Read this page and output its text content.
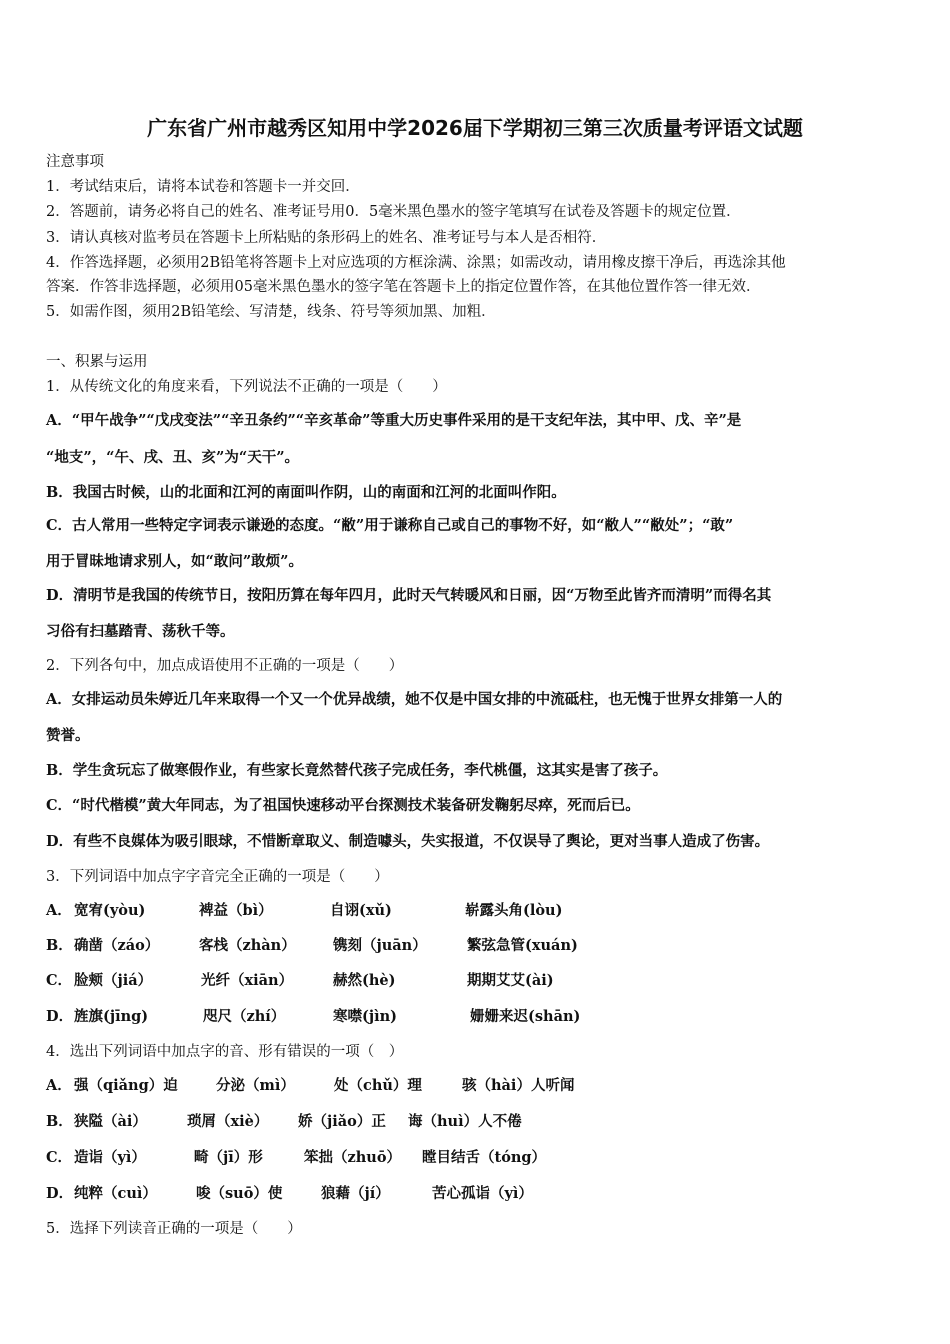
广东省广州市越秀区知用中学2026届下学期初三第三次质量考评语文试题
注意事项
1．考试结束后，请将本试卷和答题卡一并交回．
2．答题前，请务必将自己的姓名、准考证号用0．5毫米黑色墨水的签字笔填写在试卷及答题卡的规定位置．
3．请认真核对监考员在答题卡上所粘贴的条形码上的姓名、准考证号与本人是否相符．
4．作答选择题，必须用2B铅笔将答题卡上对应选项的方框涂满、涂黑；如需改动，请用橡皮擦干净后，再选涂其他
答案．作答非选择题，必须用05毫米黑色墨水的签字笔在答题卡上的指定位置作答，在其他位置作答一律无效．
5．如需作图，须用2B铅笔绘、写清楚，线条、符号等须加黑、加粗．
一、积累与运用
1．从传统文化的角度来看，下列说法不正确的一项是（　　）
A．“甲午战争”“戊戌变法”“辛丑条约”“辛亥革命”等重大历史事件采用的是干支纪年法，其中甲、戊、辛”是
“地支”，“午、戌、丑、亥”为“天干”。
B．我国古时候，山的北面和江河的南面叫作阴，山的南面和江河的北面叫作阳。
C．古人常用一些特定字词表示谦逊的态度。“敝”用于谦称自己或自己的事物不好，如“敝人”“敝处”；“敢”
用于冒昧地请求别人，如“敢问”敢烦”。
D．清明节是我国的传统节日，按阳历算在每年四月，此时天气转暖风和日丽，因“万物至此皆齐而清明”而得名其
习俗有扫墓踏青、荡秋千等。
2．下列各句中，加点成语使用不正确的一项是（　　）
A．女排运动员朱婷近几年来取得一个又一个优异战绩，她不仅是中国女排的中流砥柱，也无愧于世界女排第一人的
赞誉。
B．学生贪玩忘了做寒假作业，有些家长竟然替代孩子完成任务，李代桃僵，这其实是害了孩子。
C．“时代楷模”黄大年同志，为了祖国快速移动平台探测技术装备研发鞠躬尽瘁，死而后已。
D．有些不良媒体为吸引眼球，不惜断章取义、制造噱头，失实报道，不仅误导了舆论，更对当事人造成了伤害。
3．下列词语中加点字字音完全正确的一项是（　　）
A． 宽宥(yòu)	裨益（bì）	自诩(xǔ)	崭露头角(lòu)
B． 确凿（záo）	客栈（zhàn）	镌刻（juān）	繁弦急管(xuán)
C． 脸颊（jiá）	光纤（xiān）	赫然(hè)	期期艾艾(ài)
D． 旌旗(jīng)	咫尺（zhí）	寒噤(jìn)	姗姗来迟(shān)
4．选出下列词语中加点字的音、形有错误的一项（　）
A． 强（qiǎng）迫	分泌（mì）	处（chǔ）理	骇（hài）人听闻
B． 狭隘（ài）	琐屑（xiè） 娇（jiǎo）正 诲（huì）人不倦
C． 造诣（yì）	畸（jī）形	笨拙（zhuō） 瞠目结舌（tóng）
D． 纯粹（cuì）	唆（suō）使	狼藉（jí）	苦心孤诣（yì）
5．选择下列读音正确的一项是（　　）
